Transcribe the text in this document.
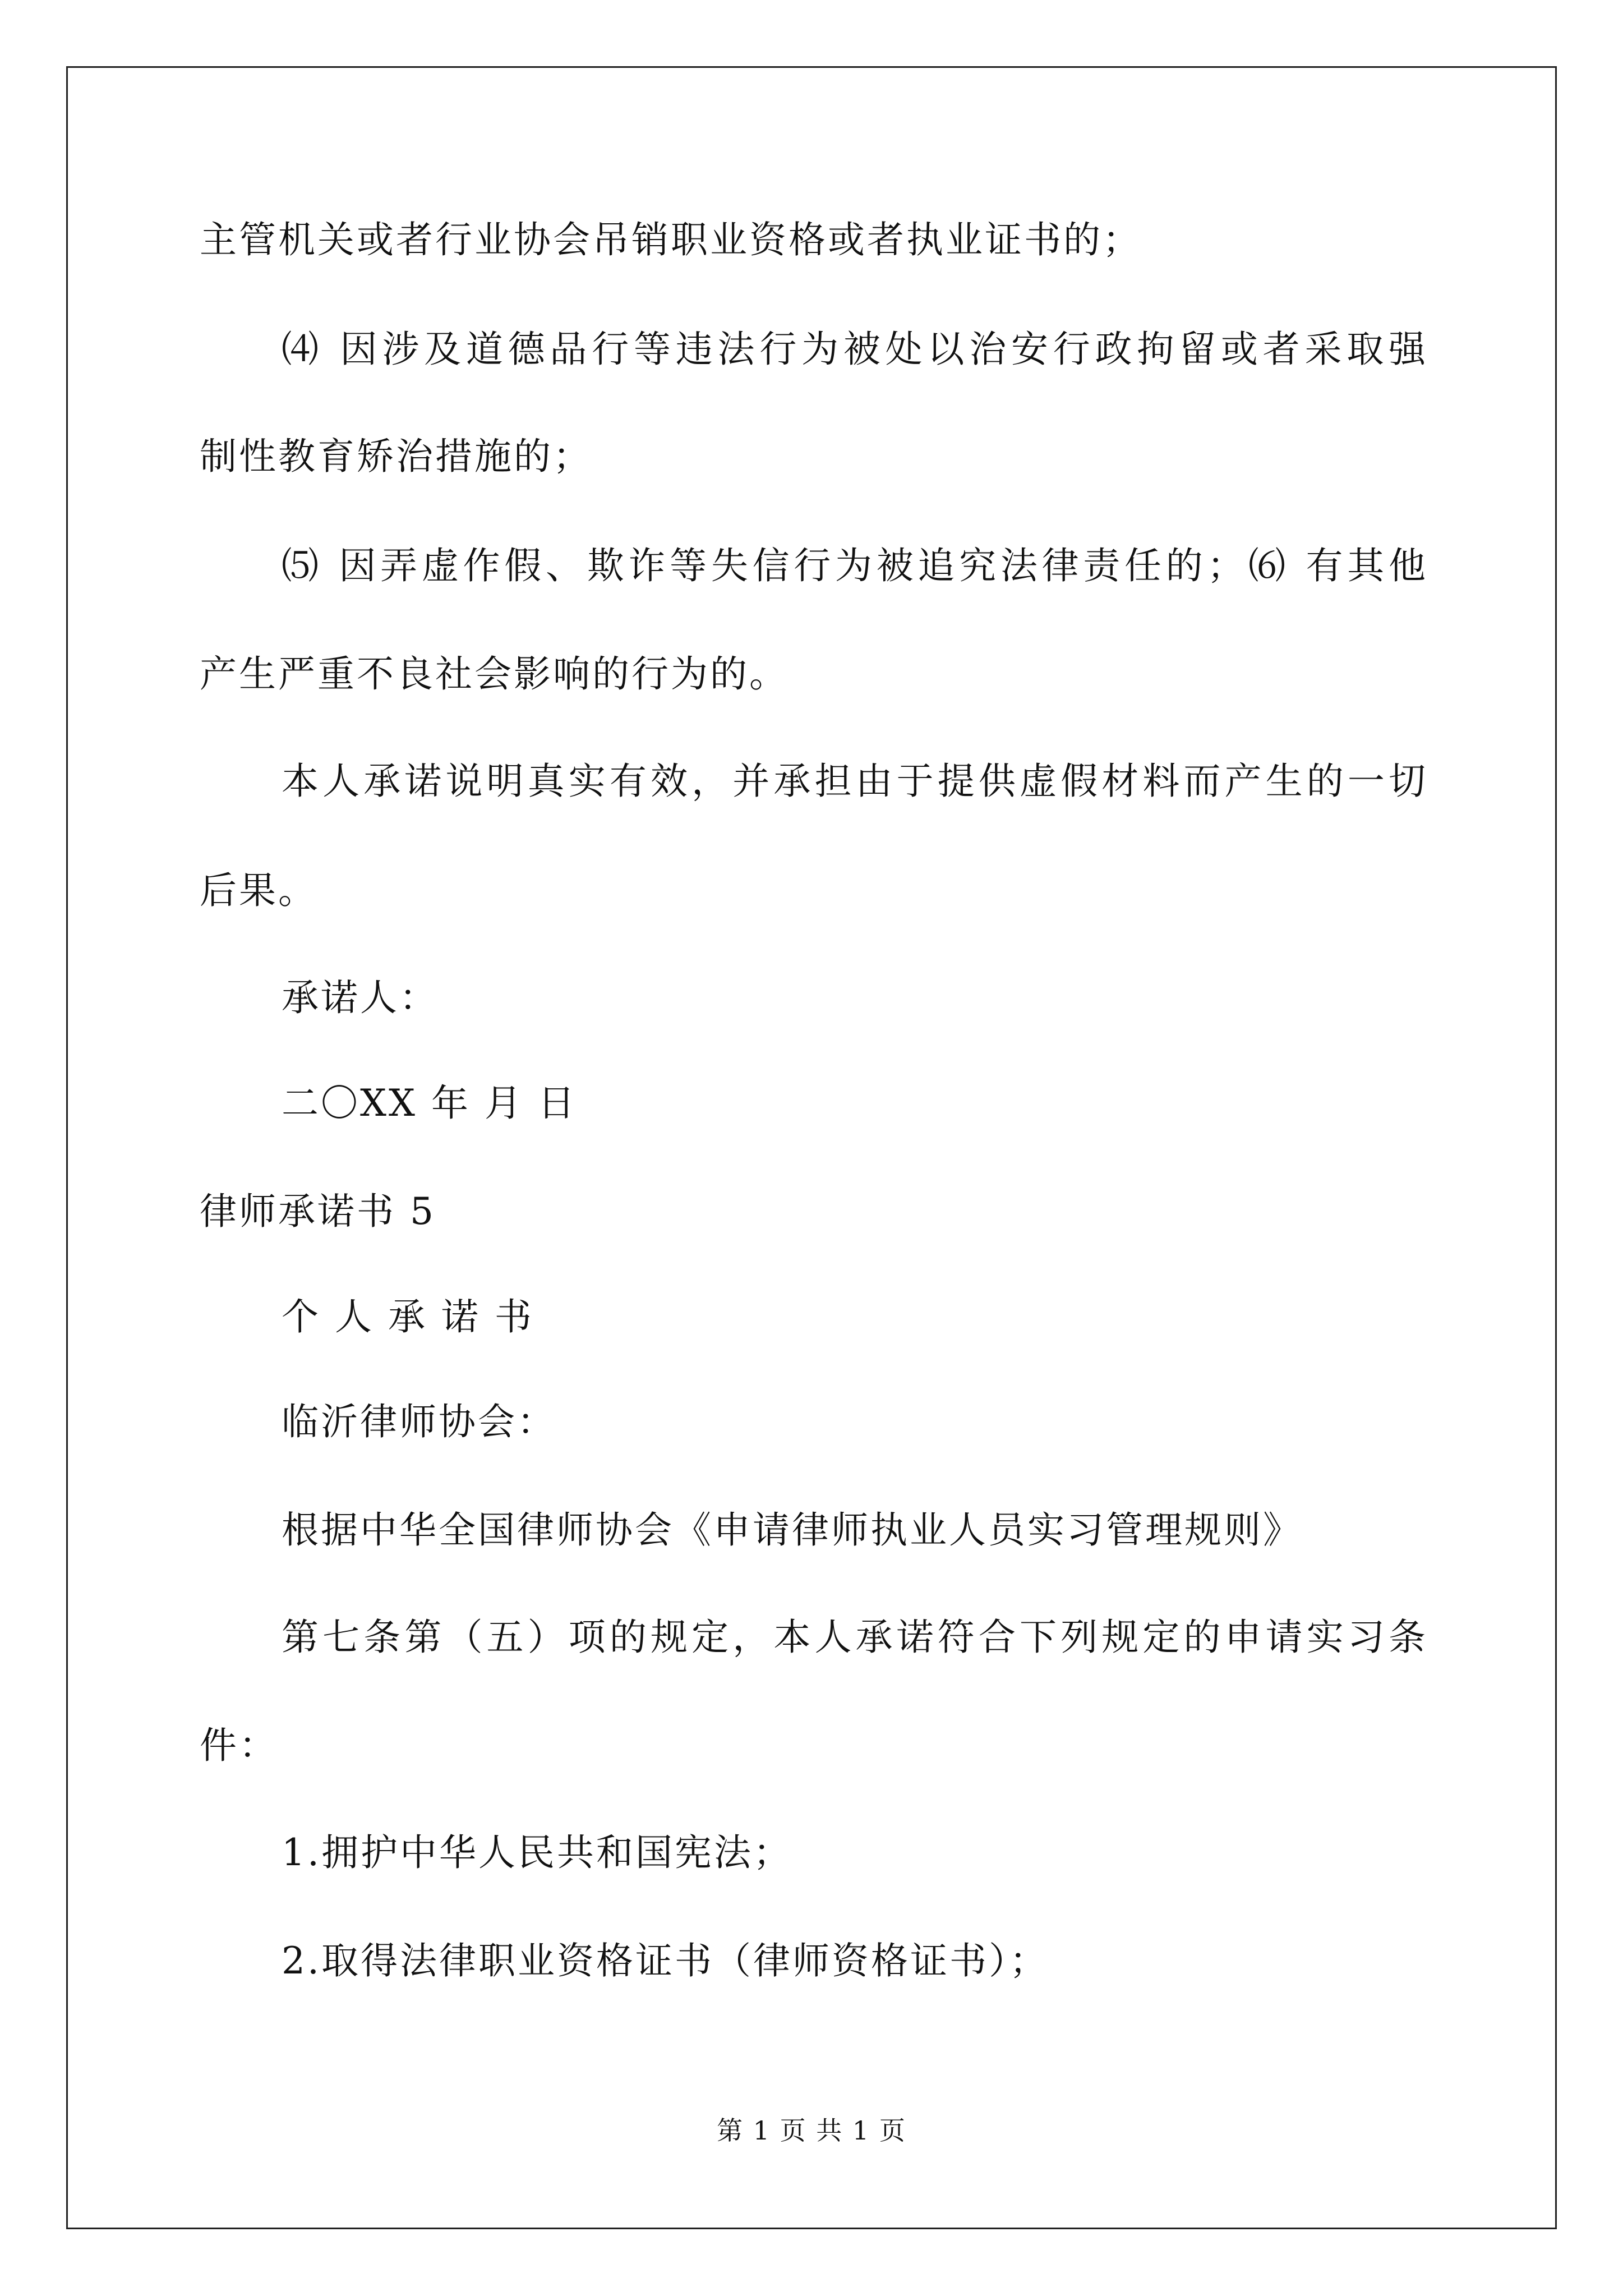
主管机关或者行业协会吊销职业资格或者执业证书的；
⑷ 因涉及道德品行等违法行为被处以治安行政拘留或者采取强
制性教育矫治措施的；
⑸ 因弄虚作假、欺诈等失信行为被追究法律责任的；⑹ 有其他
产生严重不良社会影响的行为的。
本人承诺说明真实有效，并承担由于提供虚假材料而产生的一切
后果。
承诺人：
二〇XX 年 月 日
律师承诺书 5
个 人 承 诺 书
临沂律师协会：
根据中华全国律师协会《申请律师执业人员实习管理规则》
第七条第（五）项的规定，本人承诺符合下列规定的申请实习条
件：
1.拥护中华人民共和国宪法；
2.取得法律职业资格证书（律师资格证书）；
第 1 页 共 1 页
